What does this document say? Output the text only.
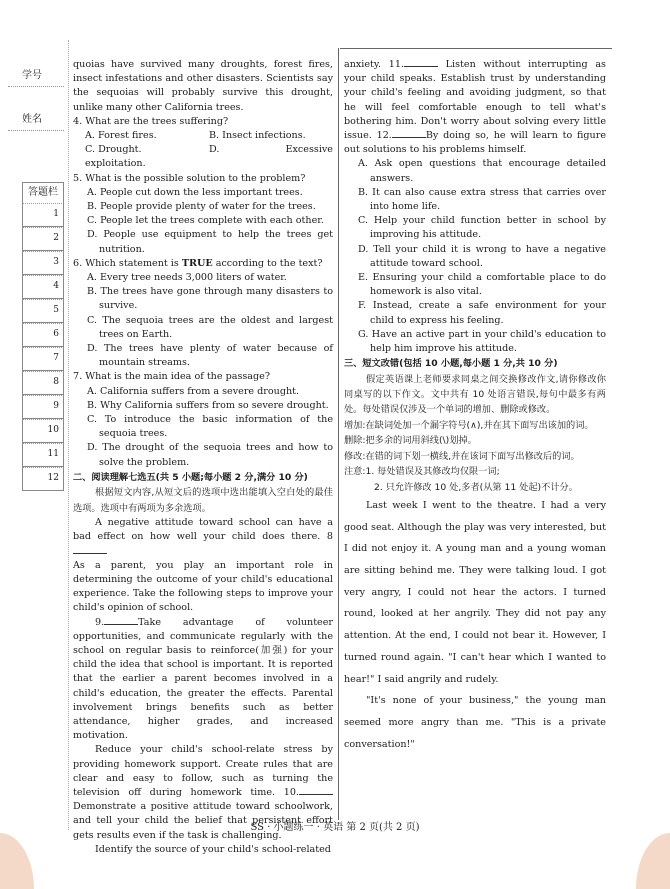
学号
姓名
答题栏
1
2
3
4
5
6
7
8
9
10
11
12

quoias have survived many droughts, forest fires, insect infestations and other disasters. Scientists say the sequoias will probably survive this drought, unlike many other California trees.

4. What are the trees suffering?

A. Forest fires.	B. Insect infections.

C. Drought.	D. Excessive exploitation.

5. What is the possible solution to the problem?

A. People cut down the less important trees.

B. People provide plenty of water for the trees.

C. People let the trees complete with each other.

D. People use equipment to help the trees get nutrition.

6. Which statement is TRUE according to the text?

A. Every tree needs 3,000 liters of water.

B. The trees have gone through many disasters to survive.

C. The sequoia trees are the oldest and largest trees on Earth.

D. The trees have plenty of water because of mountain streams.

7. What is the main idea of the passage?

A. California suffers from a severe drought.

B. Why California suffers from so severe drought.

C. To introduce the basic information of the sequoia trees.

D. The drought of the sequoia trees and how to solve the problem.

二、阅读理解七选五(共 5 小题;每小题 2 分,满分 10 分)

根据短文内容,从短文后的选项中选出能填入空白处的最佳选项。选项中有两项为多余选项。

A negative attitude toward school can have a bad effect on how well your child does there. 8

As a parent, you play an important role in determining the outcome of your child's educational experience. Take the following steps to improve your child's opinion of school.

9.	Take advantage of volunteer opportunities, and communicate regularly with the school on regular basis to reinforce(加强) for your child the idea that school is important. It is reported that the earlier a parent becomes involved in a child's education, the greater the effects. Parental involvement brings benefits such as better attendance, higher grades, and increased motivation.

Reduce your child's school-relate stress by providing homework support. Create rules that are clear and easy to follow, such as turning the television off during homework time. 10.Demonstrate a positive attitude toward schoolwork, and tell your child the belief that persistent effort gets results even if the task is challenging.

Identify the source of your child's school-related

anxiety. 11.	Listen without interrupting as your child speaks. Establish trust by understanding your child's feeling and avoiding judgment, so that he will feel comfortable enough to tell what's bothering him. Don't worry about solving every little issue. 12.	By doing so, he will learn to figure out solutions to his problems himself.

A. Ask open questions that encourage detailed answers.

B. It can also cause extra stress that carries over into home life.

C. Help your child function better in school by improving his attitude.

D. Tell your child it is wrong to have a negative attitude toward school.

E. Ensuring your child a comfortable place to do homework is also vital.

F. Instead, create a safe environment for your child to express his feeling.

G. Have an active part in your child's education to help him improve his attitude.

三、短文改错(包括 10 小题,每小题 1 分,共 10 分)

假定英语课上老师要求同桌之间交换修改作文,请你修改你同桌写的以下作文。文中共有 10 处语言错误,每句中最多有两处。每处错误仅涉及一个单词的增加、删除或修改。

增加:在缺词处加一个漏字符号(∧),并在其下面写出该加的词。

删除:把多余的词用斜线(\)划掉。

修改:在错的词下划一横线,并在该词下面写出修改后的词。

注意:1. 每处错误及其修改均仅限一词;

2. 只允许修改 10 处,多者(从第 11 处起)不计分。

Last week I went to the theatre. I had a very good seat. Although the play was very interested, but I did not enjoy it. A young man and a young woman are sitting behind me. They were talking loud. I got very angry, I could not hear the actors. I turned round, looked at her angrily. They did not pay any attention. At the end, I could not bear it. However, I turned round again. "I can't hear which I wanted to hear!" I said angrily and rudely.

"It's none of your business," the young man seemed more angry than me. "This is a private conversation!"

SS · 小题练一 · 英语 第 2 页(共 2 页)
